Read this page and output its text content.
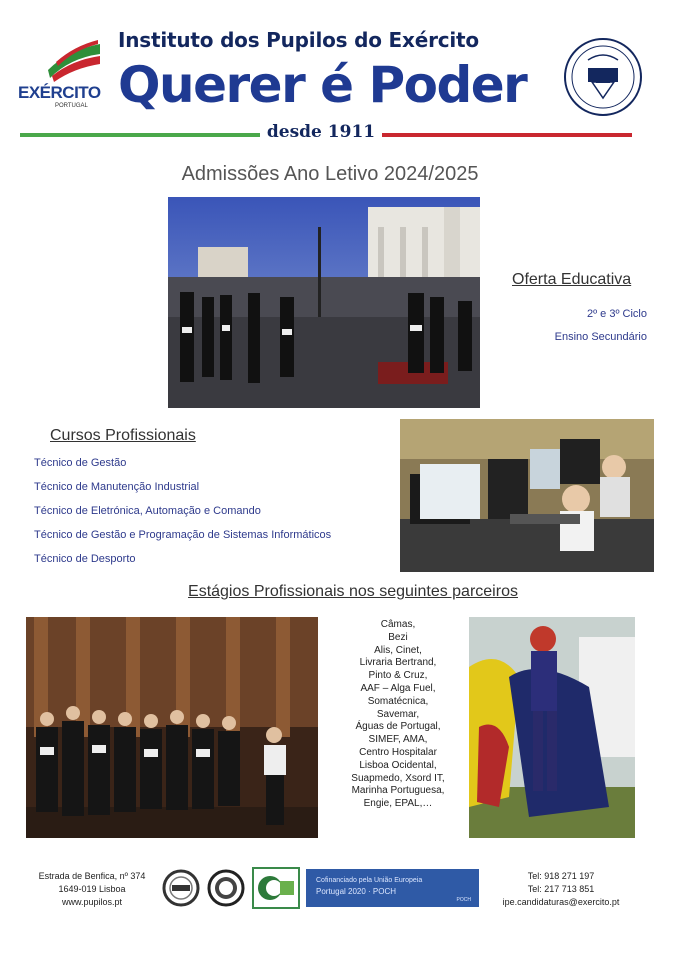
EXÉRCITO
PORTUGAL
Instituto dos Pupilos do Exército
Querer é Poder
desde 1911
Admissões Ano Letivo 2024/2025
Oferta Educativa
2º e 3º Ciclo
Ensino Secundário
Cursos Profissionais
Técnico de Gestão
Técnico de Manutenção Industrial
Técnico de Eletrónica, Automação e Comando
Técnico de Gestão e Programação de Sistemas Informáticos
Técnico de Desporto
Estágios Profissionais nos seguintes parceiros
Câmas,
Bezi
Alis, Cinet,
Livraria Bertrand,
Pinto & Cruz,
AAF – Alga Fuel,
Somatécnica,
Savemar,
Águas de Portugal,
SIMEF, AMA,
Centro Hospitalar
Lisboa Ocidental,
Suapmedo, Xsord IT,
Marinha Portuguesa,
Engie, EPAL,…
Estrada de Benfica, nº 374
1649-019 Lisboa
www.pupilos.pt
Cofinanciado pela União Europeia
Portugal 2020 · POCH
POCH
Tel: 918 271 197
Tel: 217 713 851
ipe.candidaturas@exercito.pt
